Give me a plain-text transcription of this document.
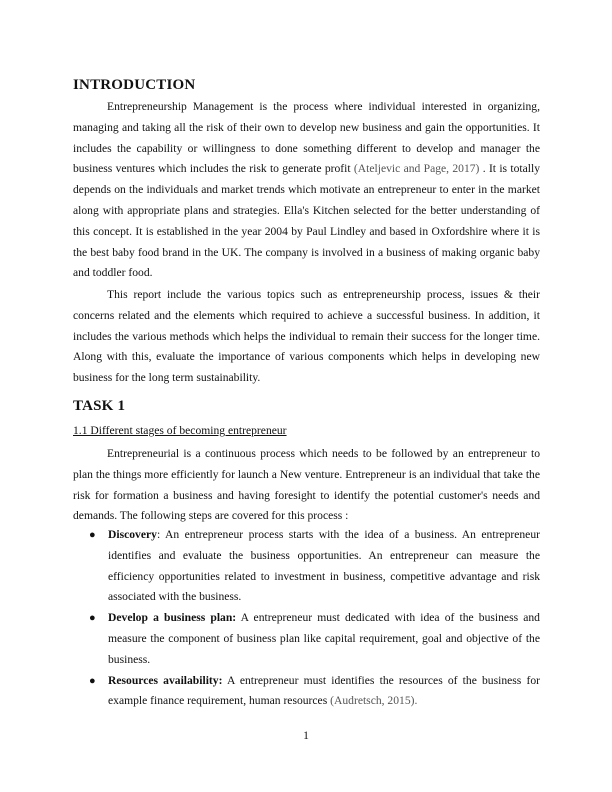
INTRODUCTION

Entrepreneurship Management is the process where individual interested in organizing, managing and taking all the risk of their own to develop new business and gain the opportunities. It includes the capability or willingness to done something different to develop and manager the business ventures which includes the risk to generate profit (Ateljevic and Page, 2017) . It is totally depends on the individuals and market trends which motivate an entrepreneur to enter in the market along with appropriate plans and strategies. Ella's Kitchen selected for the better understanding of this concept. It is established in the year 2004 by Paul Lindley and based in Oxfordshire where it is the best baby food brand in the UK. The company is involved in a business of making organic baby and toddler food.

This report include the various topics such as entrepreneurship process, issues & their concerns related and the elements which required to achieve a successful business. In addition, it includes the various methods which helps the individual to remain their success for the longer time. Along with this, evaluate the importance of various components which helps in developing new business for the long term sustainability.

TASK 1

1.1 Different stages of becoming entrepreneur

Entrepreneurial is a continuous process which needs to be followed by an entrepreneur to plan the things more efficiently for launch a New venture. Entrepreneur is an individual that take the risk for formation a business and having foresight to identify the potential customer's needs and demands. The following steps are covered for this process :

● Discovery: An entrepreneur process starts with the idea of a business. An entrepreneur identifies and evaluate the business opportunities. An entrepreneur can measure the efficiency opportunities related to investment in business, competitive advantage and risk associated with the business.
● Develop a business plan: A entrepreneur must dedicated with idea of the business and measure the component of business plan like capital requirement, goal and objective of the business.
● Resources availability: A entrepreneur must identifies the resources of the business for example finance requirement, human resources (Audretsch, 2015).
1
